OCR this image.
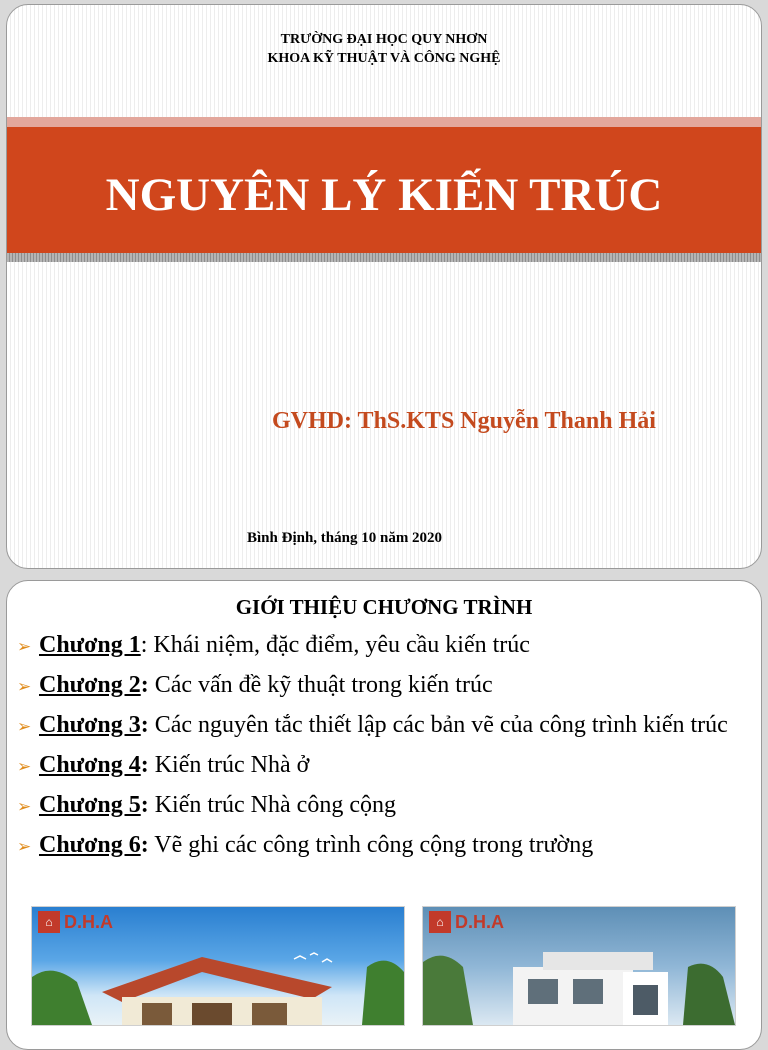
TRƯỜNG ĐẠI HỌC QUY NHƠN
KHOA KỸ THUẬT VÀ CÔNG NGHỆ
NGUYÊN LÝ KIẾN TRÚC
GVHD: ThS.KTS Nguyễn Thanh Hải
Bình Định, tháng 10 năm 2020
GIỚI THIỆU CHƯƠNG TRÌNH
➢ Chương 1: Khái niệm, đặc điểm, yêu cầu kiến trúc
➢ Chương 2: Các vấn đề kỹ thuật trong kiến trúc
➢ Chương 3: Các nguyên tắc thiết lập các bản vẽ của công trình kiến trúc
➢ Chương 4: Kiến trúc Nhà ở
➢ Chương 5: Kiến trúc Nhà công cộng
➢ Chương 6: Vẽ ghi các công trình công cộng trong trường
⌂ D.H.A	⌂ D.H.A
